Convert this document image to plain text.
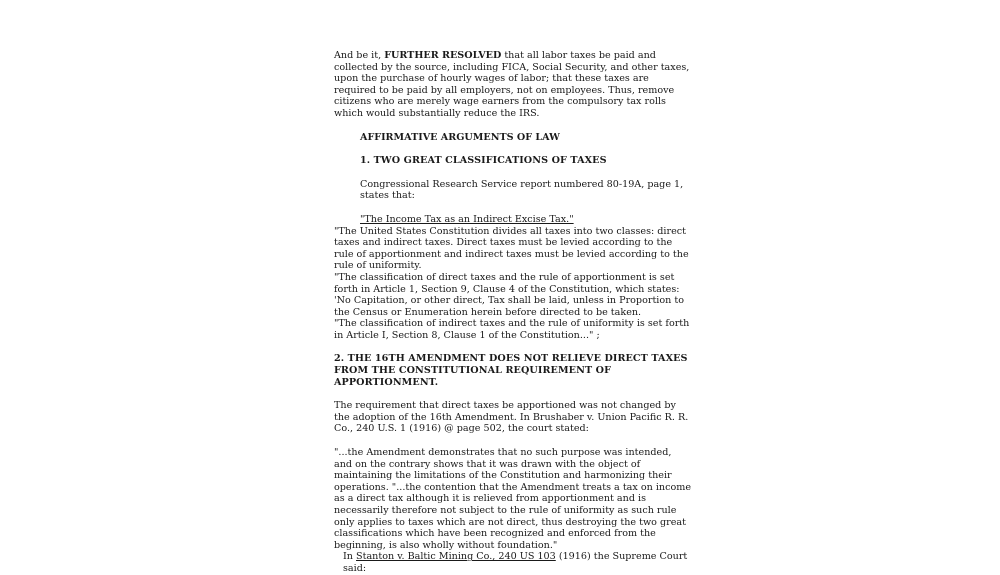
And be it, FURTHER RESOLVED that all labor taxes be paid and collected by the source, including FICA, Social Security, and other taxes, upon the purchase of hourly wages of labor; that these taxes are required to be paid by all employers, not on employees. Thus, remove citizens who are merely wage earners from the compulsory tax rolls which would substantially reduce the IRS.

AFFIRMATIVE ARGUMENTS OF LAW

1. TWO GREAT CLASSIFICATIONS OF TAXES

Congressional Research Service report numbered 80-19A, page 1, states that:

"The Income Tax as an Indirect Excise Tax."

"The United States Constitution divides all taxes into two classes: direct taxes and indirect taxes. Direct taxes must be levied according to the rule of apportionment and indirect taxes must be levied according to the rule of uniformity.

"The classification of direct taxes and the rule of apportionment is set forth in Article 1, Section 9, Clause 4 of the Constitution, which states:

'No Capitation, or other direct, Tax shall be laid, unless in Proportion to the Census or Enumeration herein before directed to be taken.

"The classification of indirect taxes and the rule of uniformity is set forth in Article I, Section 8, Clause 1 of the Constitution..." ;

2. THE 16TH AMENDMENT DOES NOT RELIEVE DIRECT TAXES FROM THE CONSTITUTIONAL REQUIREMENT OF APPORTIONMENT.

The requirement that direct taxes be apportioned was not changed by the adoption of the 16th Amendment. In Brushaber v. Union Pacific R. R. Co., 240 U.S. 1 (1916) @ page 502, the court stated:

"...the Amendment demonstrates that no such purpose was intended, and on the contrary shows that it was drawn with the object of maintaining the limitations of the Constitution and harmonizing their operations. "...the contention that the Amendment treats a tax on income as a direct tax although it is relieved from apportionment and is necessarily therefore not subject to the rule of uniformity as such rule only applies to taxes which are not direct, thus destroying the two great classifications which have been recognized and enforced from the beginning, is also wholly without foundation."

In Stanton v. Baltic Mining Co., 240 US 103 (1916) the Supreme Court said:
